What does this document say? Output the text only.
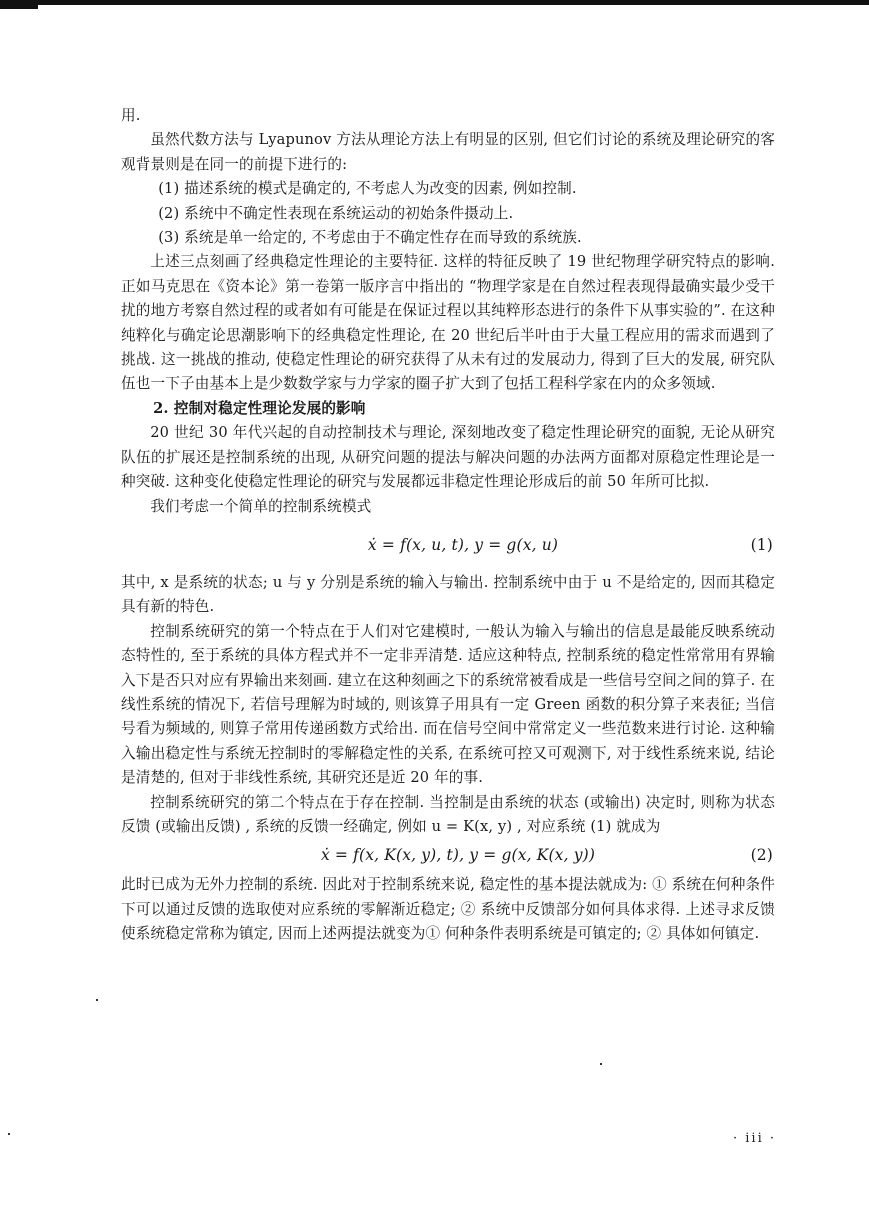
用.

虽然代数方法与 Lyapunov 方法从理论方法上有明显的区别, 但它们讨论的系统及理论研究的客观背景则是在同一的前提下进行的:

(1) 描述系统的模式是确定的, 不考虑人为改变的因素, 例如控制.

(2) 系统中不确定性表现在系统运动的初始条件摄动上.

(3) 系统是单一给定的, 不考虑由于不确定性存在而导致的系统族.

上述三点刻画了经典稳定性理论的主要特征. 这样的特征反映了 19 世纪物理学研究特点的影响. 正如马克思在《资本论》第一卷第一版序言中指出的 “物理学家是在自然过程表现得最确实最少受干扰的地方考察自然过程的或者如有可能是在保证过程以其纯粹形态进行的条件下从事实验的”. 在这种纯粹化与确定论思潮影响下的经典稳定性理论, 在 20 世纪后半叶由于大量工程应用的需求而遇到了挑战. 这一挑战的推动, 使稳定性理论的研究获得了从未有过的发展动力, 得到了巨大的发展, 研究队伍也一下子由基本上是少数数学家与力学家的圈子扩大到了包括工程科学家在内的众多领域.

2. 控制对稳定性理论发展的影响

20 世纪 30 年代兴起的自动控制技术与理论, 深刻地改变了稳定性理论研究的面貌, 无论从研究队伍的扩展还是控制系统的出现, 从研究问题的提法与解决问题的办法两方面都对原稳定性理论是一种突破. 这种变化使稳定性理论的研究与发展都远非稳定性理论形成后的前 50 年所可比拟.

我们考虑一个简单的控制系统模式

ẋ = f(x, u, t), y = g(x, u)	(1)

其中, x 是系统的状态; u 与 y 分别是系统的输入与输出. 控制系统中由于 u 不是给定的, 因而其稳定具有新的特色.

控制系统研究的第一个特点在于人们对它建模时, 一般认为输入与输出的信息是最能反映系统动态特性的, 至于系统的具体方程式并不一定非弄清楚. 适应这种特点, 控制系统的稳定性常常用有界输入下是否只对应有界输出来刻画. 建立在这种刻画之下的系统常被看成是一些信号空间之间的算子. 在线性系统的情况下, 若信号理解为时域的, 则该算子用具有一定 Green 函数的积分算子来表征; 当信号看为频域的, 则算子常用传递函数方式给出. 而在信号空间中常常定义一些范数来进行讨论. 这种输入输出稳定性与系统无控制时的零解稳定性的关系, 在系统可控又可观测下, 对于线性系统来说, 结论是清楚的, 但对于非线性系统, 其研究还是近 20 年的事.

控制系统研究的第二个特点在于存在控制. 当控制是由系统的状态 (或输出) 决定时, 则称为状态反馈 (或输出反馈) , 系统的反馈一经确定, 例如 u = K(x, y) , 对应系统 (1) 就成为

ẋ = f(x, K(x, y), t), y = g(x, K(x, y))	(2)

此时已成为无外力控制的系统. 因此对于控制系统来说, 稳定性的基本提法就成为: ① 系统在何种条件下可以通过反馈的选取使对应系统的零解渐近稳定; ② 系统中反馈部分如何具体求得. 上述寻求反馈使系统稳定常称为镇定, 因而上述两提法就变为① 何种条件表明系统是可镇定的; ② 具体如何镇定.

· iii ·
